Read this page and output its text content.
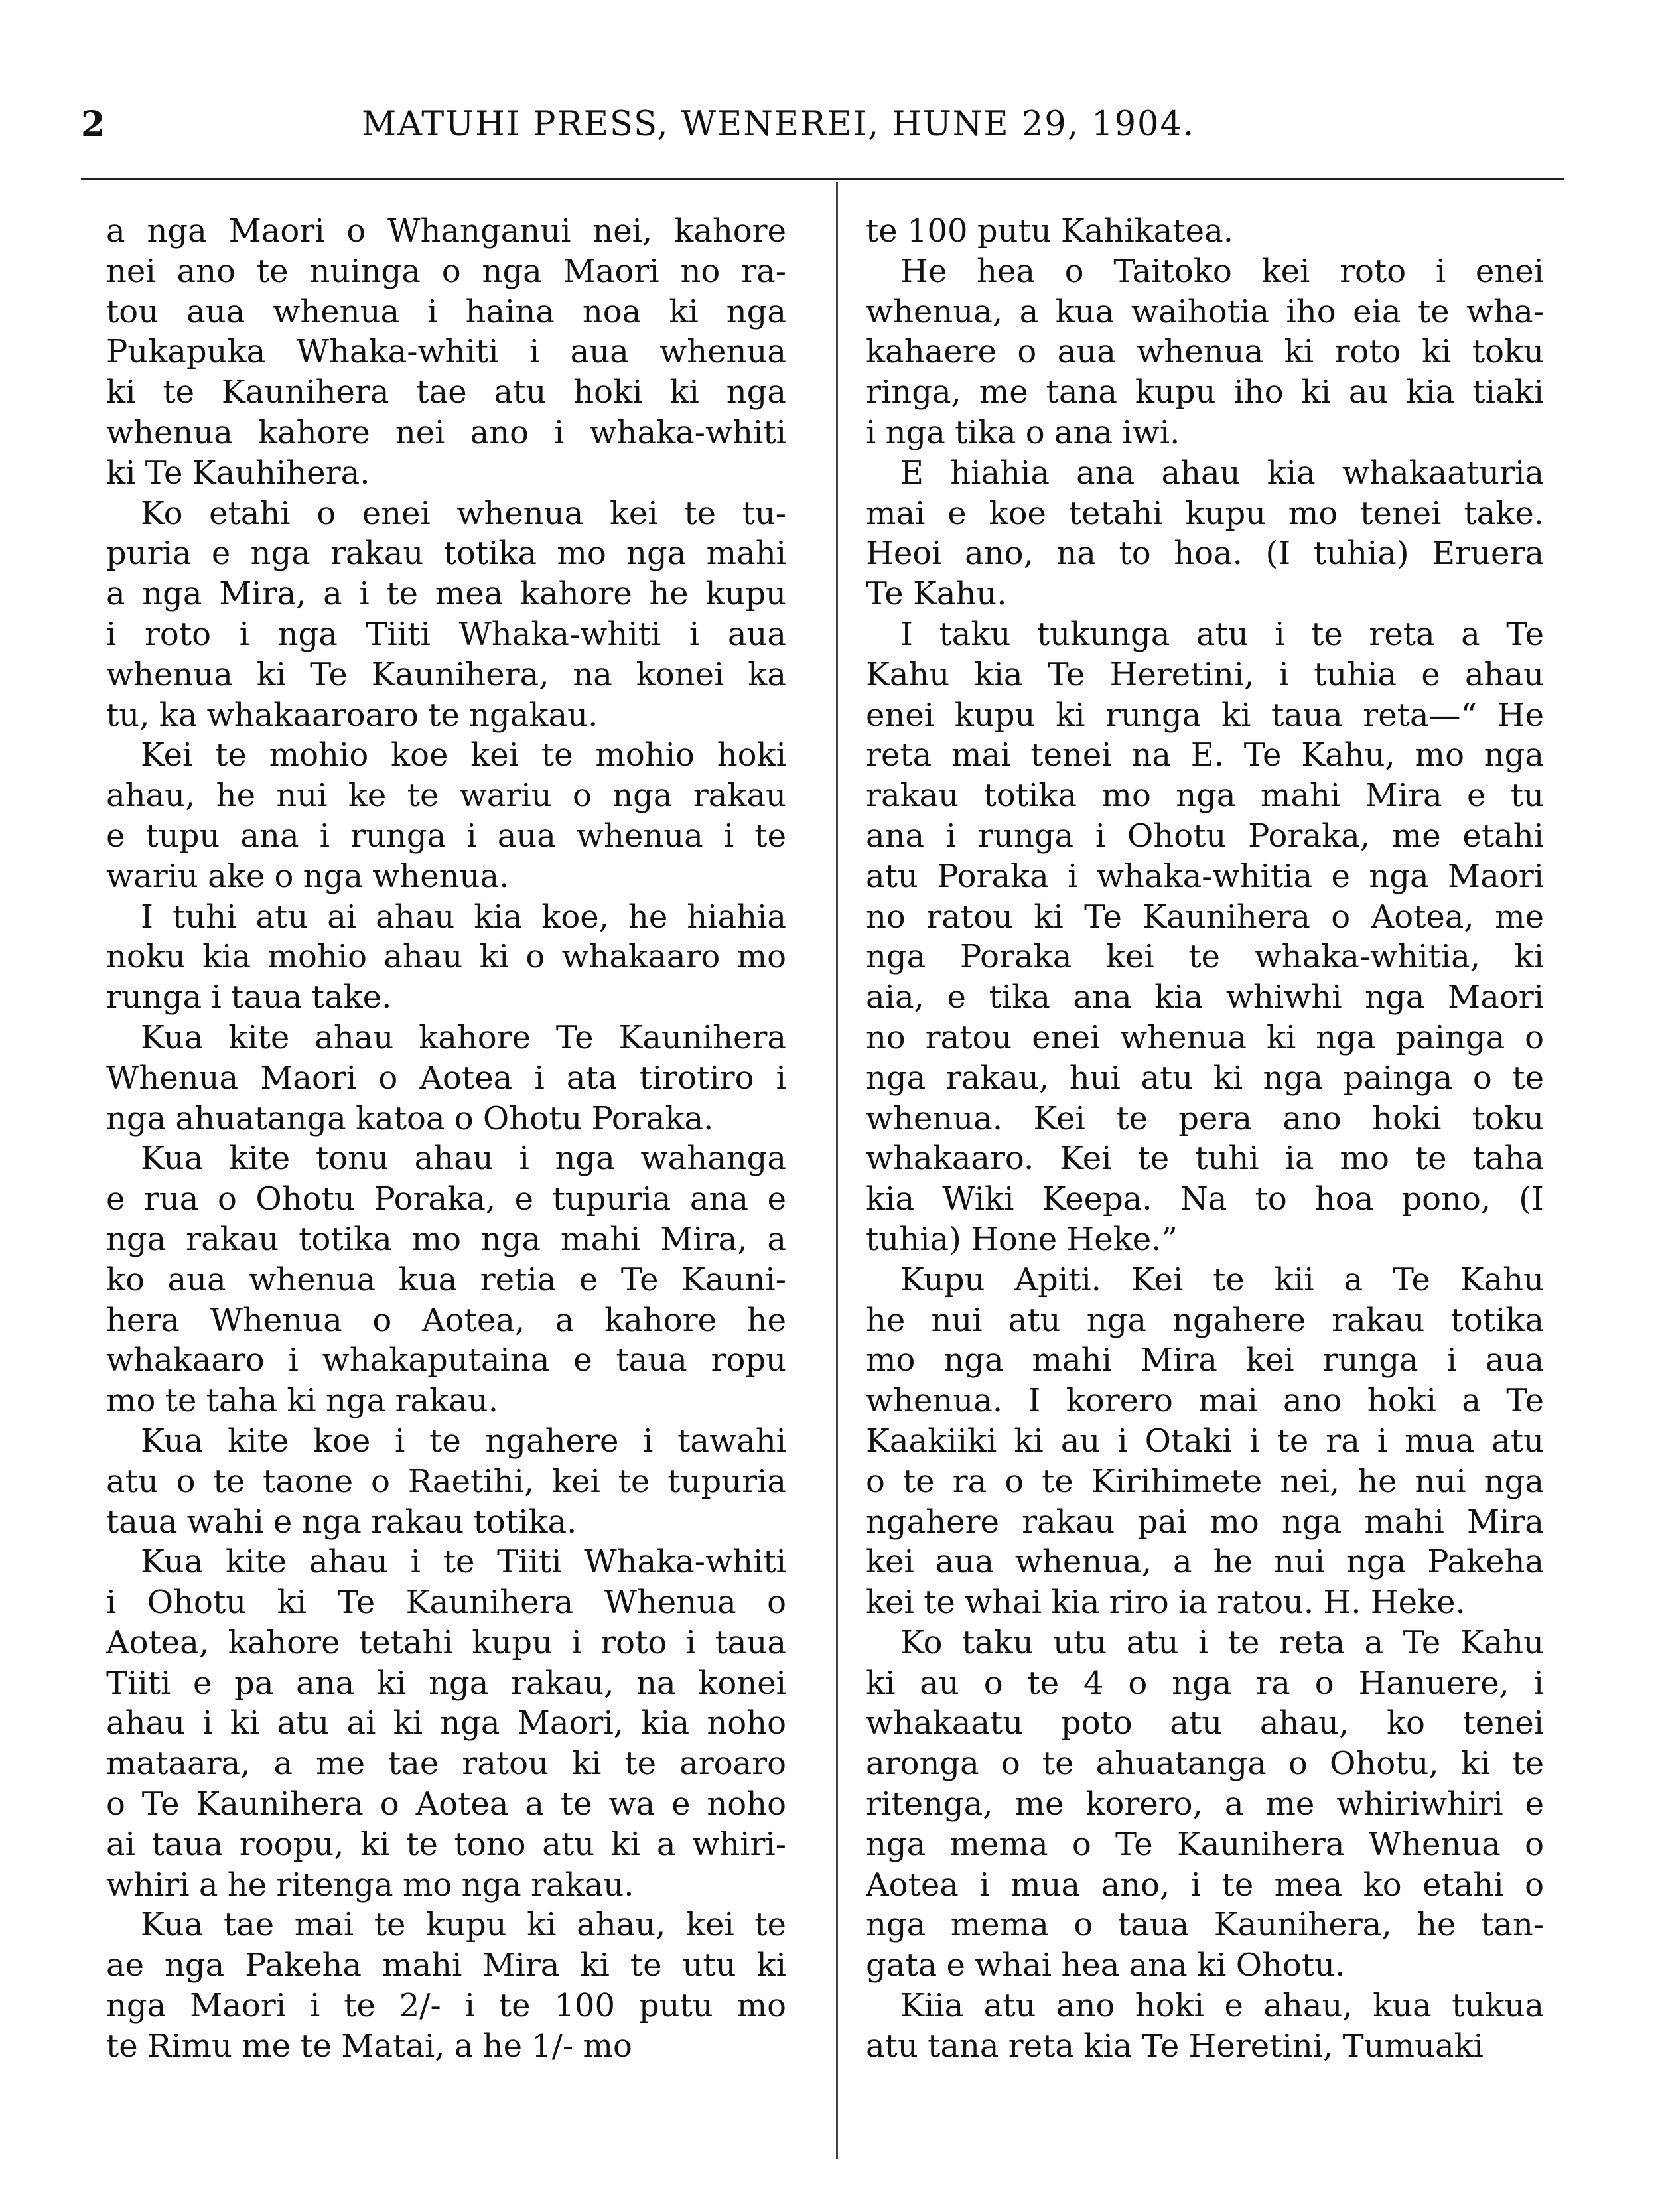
2	MATUHI PRESS, WENEREI, HUNE 29, 1904.
a nga Maori o Whanganui nei, kahore
nei ano te nuinga o nga Maori no ra-
tou aua whenua i haina noa ki nga
Pukapuka Whaka-whiti i aua whenua
ki te Kaunihera tae atu hoki ki nga
whenua kahore nei ano i whaka-whiti
ki Te Kauhihera.
Ko etahi o enei whenua kei te tu-
puria e nga rakau totika mo nga mahi
a nga Mira, a i te mea kahore he kupu
i roto i nga Tiiti Whaka-whiti i aua
whenua ki Te Kaunihera, na konei ka
tu, ka whakaaroaro te ngakau.
Kei te mohio koe kei te mohio hoki
ahau, he nui ke te wariu o nga rakau
e tupu ana i runga i aua whenua i te
wariu ake o nga whenua.
I tuhi atu ai ahau kia koe, he hiahia
noku kia mohio ahau ki o whakaaro mo
runga i taua take.
Kua kite ahau kahore Te Kaunihera
Whenua Maori o Aotea i ata tirotiro i
nga ahuatanga katoa o Ohotu Poraka.
Kua kite tonu ahau i nga wahanga
e rua o Ohotu Poraka, e tupuria ana e
nga rakau totika mo nga mahi Mira, a
ko aua whenua kua retia e Te Kauni-
hera Whenua o Aotea, a kahore he
whakaaro i whakaputaina e taua ropu
mo te taha ki nga rakau.
Kua kite koe i te ngahere i tawahi
atu o te taone o Raetihi, kei te tupuria
taua wahi e nga rakau totika.
Kua kite ahau i te Tiiti Whaka-whiti
i Ohotu ki Te Kaunihera Whenua o
Aotea, kahore tetahi kupu i roto i taua
Tiiti e pa ana ki nga rakau, na konei
ahau i ki atu ai ki nga Maori, kia noho
mataara, a me tae ratou ki te aroaro
o Te Kaunihera o Aotea a te wa e noho
ai taua roopu, ki te tono atu ki a whiri-
whiri a he ritenga mo nga rakau.
Kua tae mai te kupu ki ahau, kei te
ae nga Pakeha mahi Mira ki te utu ki
nga Maori i te 2/- i te 100 putu mo
te Rimu me te Matai, a he 1/- mo
te 100 putu Kahikatea.
He hea o Taitoko kei roto i enei
whenua, a kua waihotia iho eia te wha-
kahaere o aua whenua ki roto ki toku
ringa, me tana kupu iho ki au kia tiaki
i nga tika o ana iwi.
E hiahia ana ahau kia whakaaturia
mai e koe tetahi kupu mo tenei take.
Heoi ano, na to hoa. (I tuhia) Eruera
Te Kahu.
I taku tukunga atu i te reta a Te
Kahu kia Te Heretini, i tuhia e ahau
enei kupu ki runga ki taua reta—“ He
reta mai tenei na E. Te Kahu, mo nga
rakau totika mo nga mahi Mira e tu
ana i runga i Ohotu Poraka, me etahi
atu Poraka i whaka-whitia e nga Maori
no ratou ki Te Kaunihera o Aotea, me
nga Poraka kei te whaka-whitia, ki
aia, e tika ana kia whiwhi nga Maori
no ratou enei whenua ki nga painga o
nga rakau, hui atu ki nga painga o te
whenua. Kei te pera ano hoki toku
whakaaro. Kei te tuhi ia mo te taha
kia Wiki Keepa. Na to hoa pono, (I
tuhia) Hone Heke.”
Kupu Apiti. Kei te kii a Te Kahu
he nui atu nga ngahere rakau totika
mo nga mahi Mira kei runga i aua
whenua. I korero mai ano hoki a Te
Kaakiiki ki au i Otaki i te ra i mua atu
o te ra o te Kirihimete nei, he nui nga
ngahere rakau pai mo nga mahi Mira
kei aua whenua, a he nui nga Pakeha
kei te whai kia riro ia ratou. H. Heke.
Ko taku utu atu i te reta a Te Kahu
ki au o te 4 o nga ra o Hanuere, i
whakaatu poto atu ahau, ko tenei
aronga o te ahuatanga o Ohotu, ki te
ritenga, me korero, a me whiriwhiri e
nga mema o Te Kaunihera Whenua o
Aotea i mua ano, i te mea ko etahi o
nga mema o taua Kaunihera, he tan-
gata e whai hea ana ki Ohotu.
Kiia atu ano hoki e ahau, kua tukua
atu tana reta kia Te Heretini, Tumuaki
